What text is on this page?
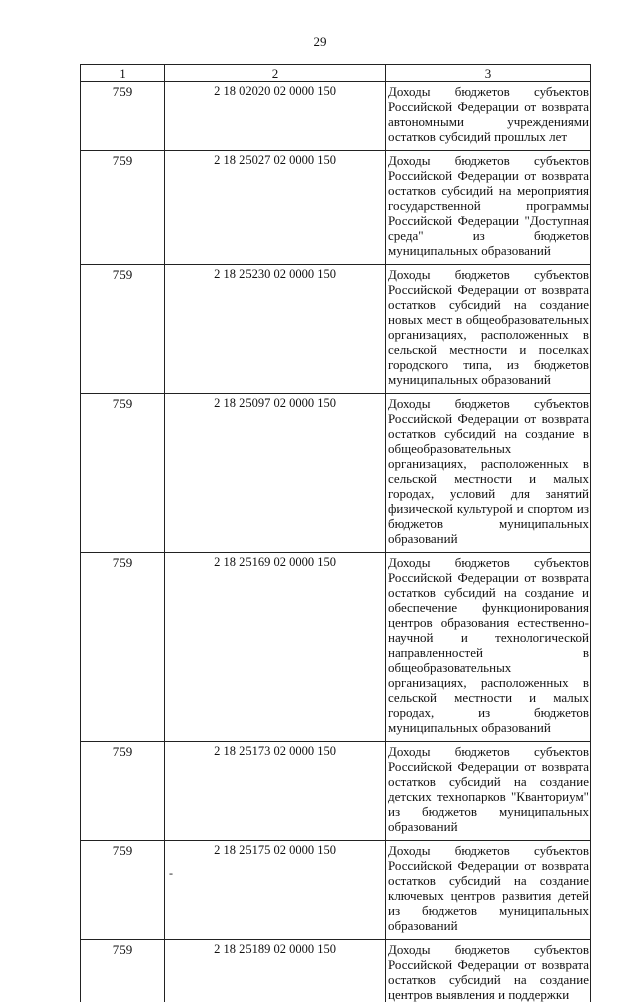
29
1	2	3
759	2 18 02020 02 0000 150	Доходы бюджетов субъектов Российской Федерации от возврата автономными учреждениями остатков субсидий прошлых лет
759	2 18 25027 02 0000 150	Доходы бюджетов субъектов Российской Федерации от возврата остатков субсидий на мероприятия государственной программы Российской Федерации "Доступная среда" из бюджетов муниципальных образований
759	2 18 25230 02 0000 150	Доходы бюджетов субъектов Российской Федерации от возврата остатков субсидий на создание новых мест в общеобразовательных организациях, расположенных в сельской местности и поселках городского типа, из бюджетов муниципальных образований
759	2 18 25097 02 0000 150	Доходы бюджетов субъектов Российской Федерации от возврата остатков субсидий на создание в общеобразовательных организациях, расположенных в сельской местности и малых городах, условий для занятий физической культурой и спортом из бюджетов муниципальных образований
759	2 18 25169 02 0000 150	Доходы бюджетов субъектов Российской Федерации от возврата остатков субсидий на создание и обеспечение функционирования центров образования естественно-научной и технологической направленностей в общеобразовательных организациях, расположенных в сельской местности и малых городах, из бюджетов муниципальных образований
759	2 18 25173 02 0000 150	Доходы бюджетов субъектов Российской Федерации от возврата остатков субсидий на создание детских технопарков "Кванториум" из бюджетов муниципальных образований
759	2 18 25175 02 0000 150	Доходы бюджетов субъектов Российской Федерации от возврата остатков субсидий на создание ключевых центров развития детей из бюджетов муниципальных образований
759	2 18 25189 02 0000 150	Доходы бюджетов субъектов Российской Федерации от возврата остатков субсидий на создание центров выявления и поддержки
-
